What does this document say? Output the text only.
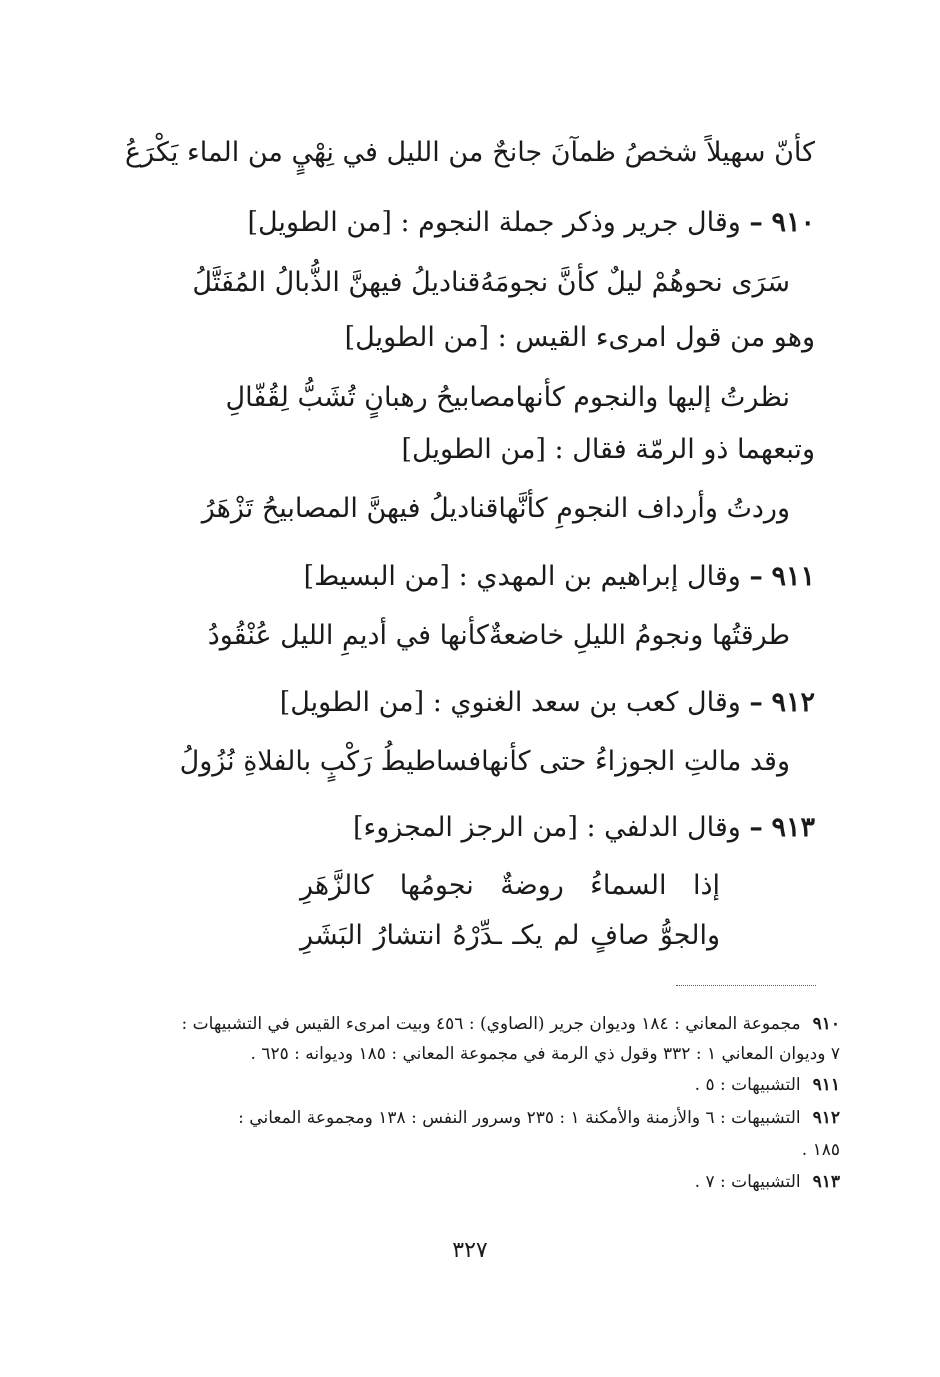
كأنّ سهيلاً شخصُ ظمآنَ جانحٌ
من الليل في نِهْيٍ من الماء يَكْرَعُ
٩١٠ – وقال جرير وذكر جملة النجوم : [من الطويل]
سَرَى نحوهُمْ ليلٌ كأنَّ نجومَهُ
قناديلُ فيهنَّ الذُّبالُ المُفَتَّلُ
وهو من قول امرىء القيس : [من الطويل]
نظرتُ إليها والنجوم كأنها
مصابيحُ رهبانٍ تُشَبُّ لِقُفّالِ
وتبعهما ذو الرمّة فقال : [من الطويل]
وردتُ وأرداف النجومِ كأنَّها
قناديلُ فيهنَّ المصابيحُ تَزْهَرُ
٩١١ – وقال إبراهيم بن المهدي : [من البسيط]
طرقتُها ونجومُ الليلِ خاضعةٌ
كأنها في أديمِ الليل عُنْقُودُ
٩١٢ – وقال كعب بن سعد الغنوي : [من الطويل]
وقد مالتِ الجوزاءُ حتى كأنها
فساطيطُ رَكْبٍ بالفلاةِ نُزُولُ
٩١٣ – وقال الدلفي : [من الرجز المجزوء]
إذا
السماءُ
روضةٌ
نجومُها
كالزَّهَرِ
والجوُّ
صافٍ
لم
يكـ
ـدِّرْهُ
انتشارُ
البَشَرِ
٩١٠مجموعة المعاني : ١٨٤ وديوان جرير (الصاوي) : ٤٥٦ وبيت امرىء القيس في التشبيهات :
٧ وديوان المعاني ١ : ٣٣٢ وقول ذي الرمة في مجموعة المعاني : ١٨٥ وديوانه : ٦٢٥ .
٩١١التشبيهات : ٥ .
٩١٢التشبيهات : ٦ والأزمنة والأمكنة ١ : ٢٣٥ وسرور النفس : ١٣٨ ومجموعة المعاني :
١٨٥ .
٩١٣التشبيهات : ٧ .
٣٢٧
